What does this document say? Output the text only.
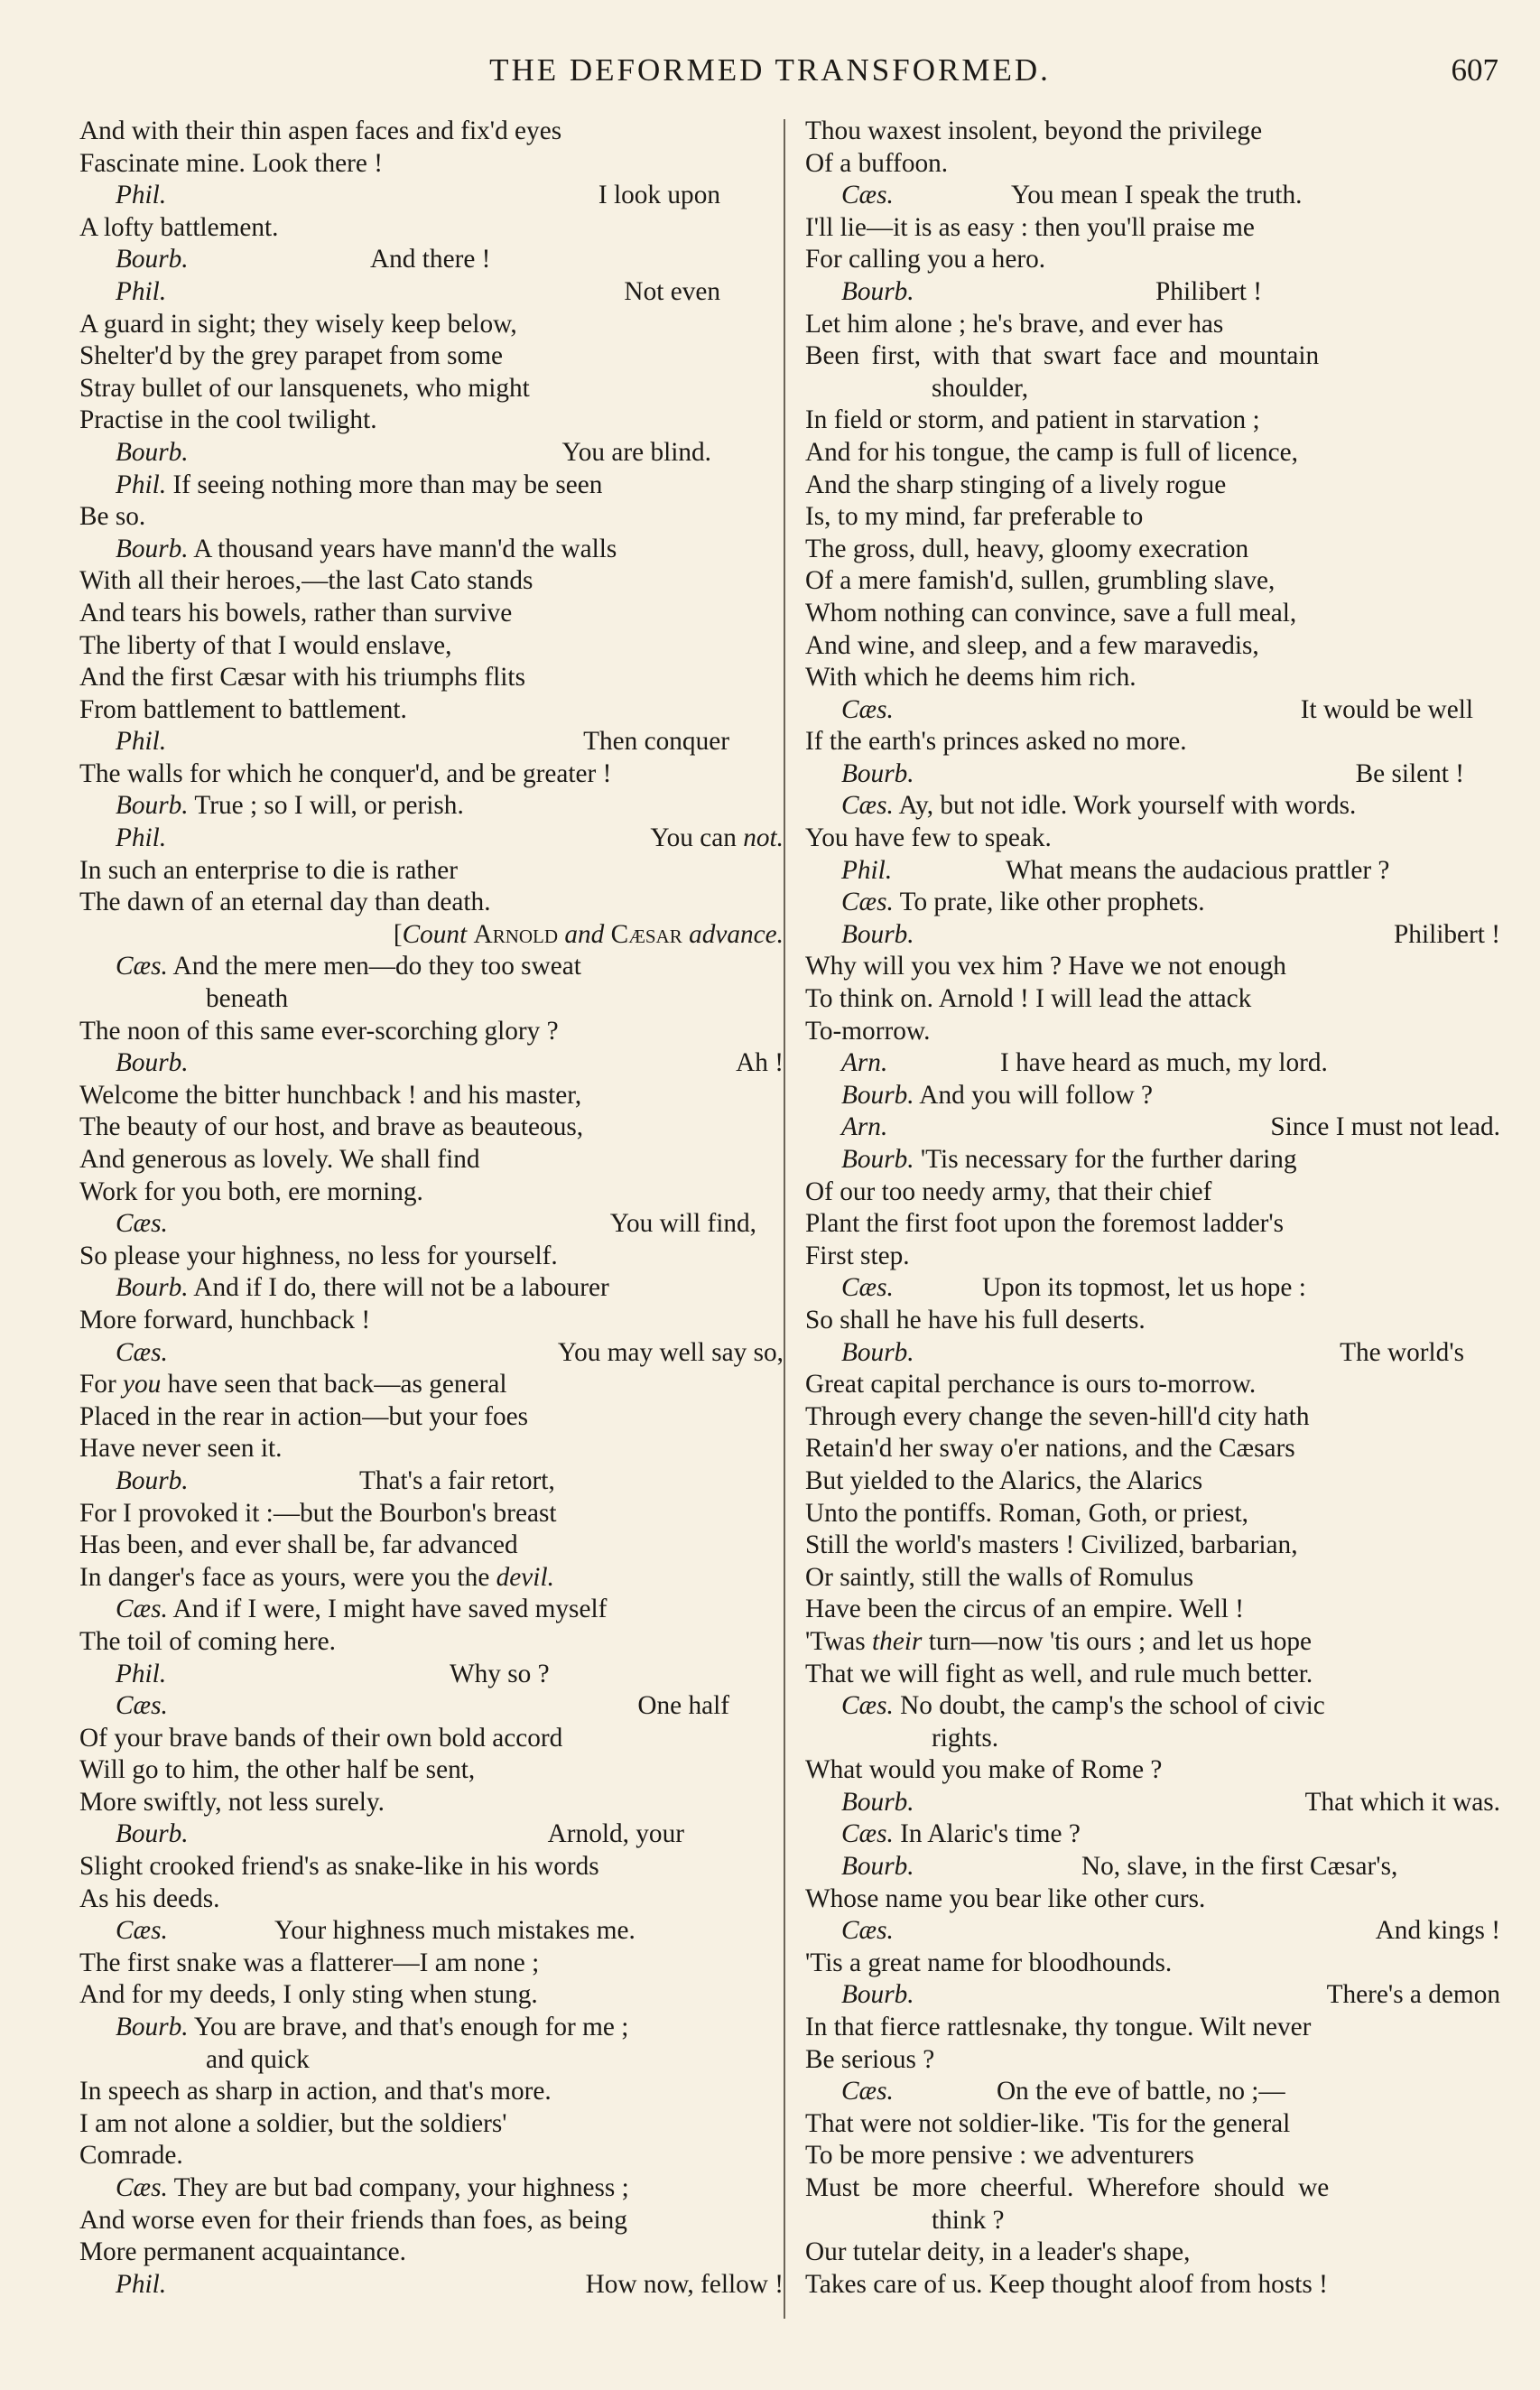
THE DEFORMED TRANSFORMED.	607
And with their thin aspen faces and fix'd eyes
Fascinate mine. Look there !
Phil.	I look upon
A lofty battlement.
Bourb.	And there !
Phil.	Not even
A guard in sight; they wisely keep below,
Shelter'd by the grey parapet from some
Stray bullet of our lansquenets, who might
Practise in the cool twilight.
Bourb.	You are blind.
Phil. If seeing nothing more than may be seen
Be so.
Bourb. A thousand years have mann'd the walls
With all their heroes,—the last Cato stands
And tears his bowels, rather than survive
The liberty of that I would enslave,
And the first Cæsar with his triumphs flits
From battlement to battlement.
Phil.	Then conquer
The walls for which he conquer'd, and be greater !
Bourb. True ; so I will, or perish.
Phil.	You can not.
In such an enterprise to die is rather
The dawn of an eternal day than death.
[Count Arnold and Cæsar advance.
Cæs. And the mere men—do they too sweat
beneath
The noon of this same ever-scorching glory ?
Bourb.	Ah !
Welcome the bitter hunchback ! and his master,
The beauty of our host, and brave as beauteous,
And generous as lovely. We shall find
Work for you both, ere morning.
Cæs.	You will find,
So please your highness, no less for yourself.
Bourb. And if I do, there will not be a labourer
More forward, hunchback !
Cæs.	You may well say so,
For you have seen that back—as general
Placed in the rear in action—but your foes
Have never seen it.
Bourb.	That's a fair retort,
For I provoked it :—but the Bourbon's breast
Has been, and ever shall be, far advanced
In danger's face as yours, were you the devil.
Cæs. And if I were, I might have saved myself
The toil of coming here.
Phil.	Why so ?
Cæs.	One half
Of your brave bands of their own bold accord
Will go to him, the other half be sent,
More swiftly, not less surely.
Bourb.	Arnold, your
Slight crooked friend's as snake-like in his words
As his deeds.
Cæs.	Your highness much mistakes me.
The first snake was a flatterer—I am none ;
And for my deeds, I only sting when stung.
Bourb. You are brave, and that's enough for me ;
and quick
In speech as sharp in action, and that's more.
I am not alone a soldier, but the soldiers'
Comrade.
Cæs. They are but bad company, your highness ;
And worse even for their friends than foes, as being
More permanent acquaintance.
Phil.	How now, fellow !
Thou waxest insolent, beyond the privilege
Of a buffoon.
Cæs.	You mean I speak the truth.
I'll lie—it is as easy : then you'll praise me
For calling you a hero.
Bourb.	Philibert !
Let him alone ; he's brave, and ever has
Been first, with that swart face and mountain
shoulder,
In field or storm, and patient in starvation ;
And for his tongue, the camp is full of licence,
And the sharp stinging of a lively rogue
Is, to my mind, far preferable to
The gross, dull, heavy, gloomy execration
Of a mere famish'd, sullen, grumbling slave,
Whom nothing can convince, save a full meal,
And wine, and sleep, and a few maravedis,
With which he deems him rich.
Cæs.	It would be well
If the earth's princes asked no more.
Bourb.	Be silent !
Cæs. Ay, but not idle. Work yourself with words.
You have few to speak.
Phil.	What means the audacious prattler ?
Cæs. To prate, like other prophets.
Bourb.	Philibert !
Why will you vex him ? Have we not enough
To think on. Arnold ! I will lead the attack
To-morrow.
Arn.	I have heard as much, my lord.
Bourb. And you will follow ?
Arn.	Since I must not lead.
Bourb. 'Tis necessary for the further daring
Of our too needy army, that their chief
Plant the first foot upon the foremost ladder's
First step.
Cæs.	Upon its topmost, let us hope :
So shall he have his full deserts.
Bourb.	The world's
Great capital perchance is ours to-morrow.
Through every change the seven-hill'd city hath
Retain'd her sway o'er nations, and the Cæsars
But yielded to the Alarics, the Alarics
Unto the pontiffs. Roman, Goth, or priest,
Still the world's masters ! Civilized, barbarian,
Or saintly, still the walls of Romulus
Have been the circus of an empire. Well !
'Twas their turn—now 'tis ours ; and let us hope
That we will fight as well, and rule much better.
Cæs. No doubt, the camp's the school of civic
rights.
What would you make of Rome ?
Bourb.	That which it was.
Cæs. In Alaric's time ?
Bourb.	No, slave, in the first Cæsar's,
Whose name you bear like other curs.
Cæs.	And kings !
'Tis a great name for bloodhounds.
Bourb.	There's a demon
In that fierce rattlesnake, thy tongue. Wilt never
Be serious ?
Cæs.	On the eve of battle, no ;—
That were not soldier-like. 'Tis for the general
To be more pensive : we adventurers
Must be more cheerful. Wherefore should we
think ?
Our tutelar deity, in a leader's shape,
Takes care of us. Keep thought aloof from hosts !
